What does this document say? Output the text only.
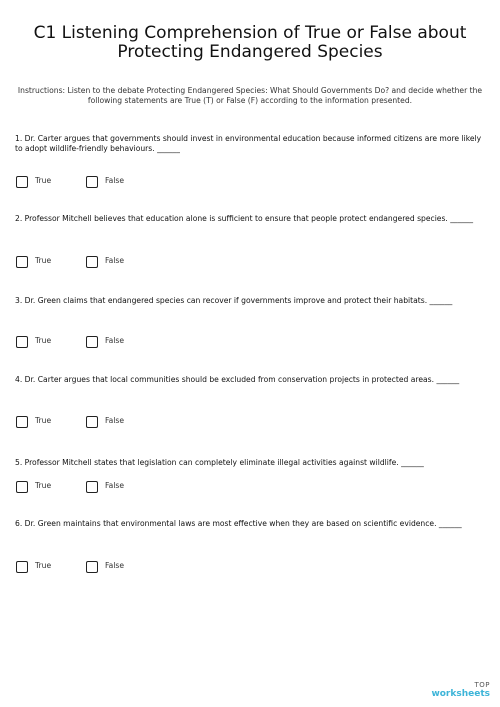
C1 Listening Comprehension of True or False about Protecting Endangered Species
Instructions: Listen to the debate Protecting Endangered Species: What Should Governments Do? and decide whether the following statements are True (T) or False (F) according to the information presented.
1. Dr. Carter argues that governments should invest in environmental education because informed citizens are more likely to adopt wildlife-friendly behaviours. ______
True	False
2. Professor Mitchell believes that education alone is sufficient to ensure that people protect endangered species. ______
True	False
3. Dr. Green claims that endangered species can recover if governments improve and protect their habitats. ______
True	False
4. Dr. Carter argues that local communities should be excluded from conservation projects in protected areas. ______
True	False
5. Professor Mitchell states that legislation can completely eliminate illegal activities against wildlife. ______
True	False
6. Dr. Green maintains that environmental laws are most effective when they are based on scientific evidence. ______
True	False
TOP
worksheets
